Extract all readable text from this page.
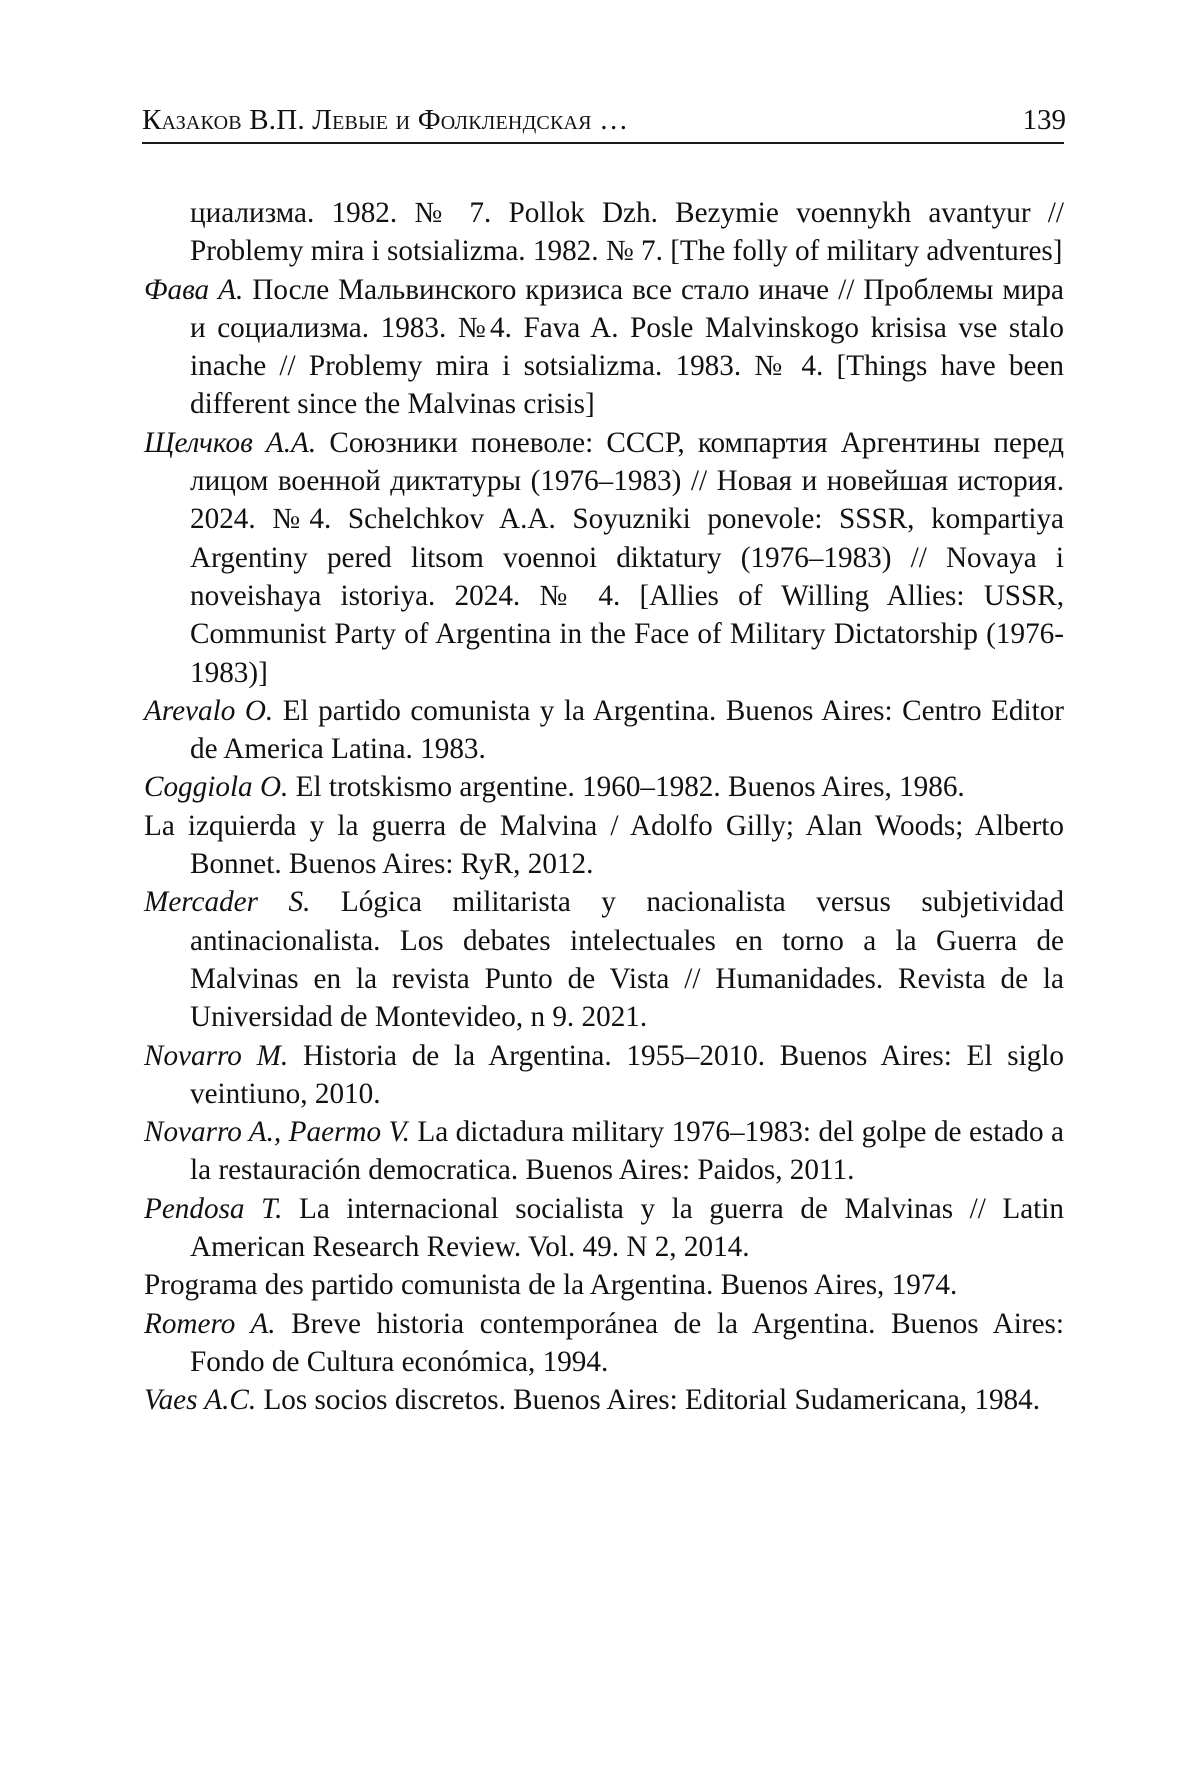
Казаков В.П. Левые и Фолклендская …	139

циализма. 1982. № 7. Pollok Dzh. Bezymie voennykh avantyur // Problemy mira i sotsializma. 1982. № 7. [The folly of military adventures]

Фава А. После Мальвинского кризиса все стало иначе // Проблемы мира и социализма. 1983. №4. Fava A. Posle Malvinskogo krisisa vse stalo inache // Problemy mira i sotsializma. 1983. № 4. [Things have been different since the Malvinas crisis]

Щелчков А.А. Союзники поневоле: СССР, компартия Аргентины перед лицом военной диктатуры (1976–1983) // Новая и новейшая история. 2024. №4. Schelchkov A.A. Soyuzniki ponevole: SSSR, kompartiya Argentiny pered litsom voennoi diktatury (1976–1983) // Novaya i noveishaya istoriya. 2024. № 4. [Allies of Willing Allies: USSR, Communist Party of Argentina in the Face of Military Dictatorship (1976-1983)]

Arevalo O. El partido comunista y la Argentina. Buenos Aires: Centro Editor de America Latina. 1983.

Coggiola O. El trotskismo argentine. 1960–1982. Buenos Aires, 1986.

La izquierda y la guerra de Malvina / Adolfo Gilly; Alan Woods; Alberto Bonnet. Buenos Aires: RyR, 2012.

Mercader S. Lógica militarista y nacionalista versus subjetividad antinacionalista. Los debates intelectuales en torno a la Guerra de Malvinas en la revista Punto de Vista // Humanidades. Revista de la Universidad de Montevideo, n 9. 2021.

Novarro M. Historia de la Argentina. 1955–2010. Buenos Aires: El siglo veintiuno, 2010.

Novarro A., Paermo V. La dictadura military 1976–1983: del golpe de estado a la restauración democratica. Buenos Aires: Paidos, 2011.

Pendosa T. La internacional socialista y la guerra de Malvinas // Latin American Research Review. Vol. 49. N 2, 2014.

Programa des partido comunista de la Argentina. Buenos Aires, 1974.

Romero A. Breve historia contemporánea de la Argentina. Buenos Aires: Fondo de Cultura económica, 1994.

Vaes A.C. Los socios discretos. Buenos Aires: Editorial Sudamericana, 1984.
